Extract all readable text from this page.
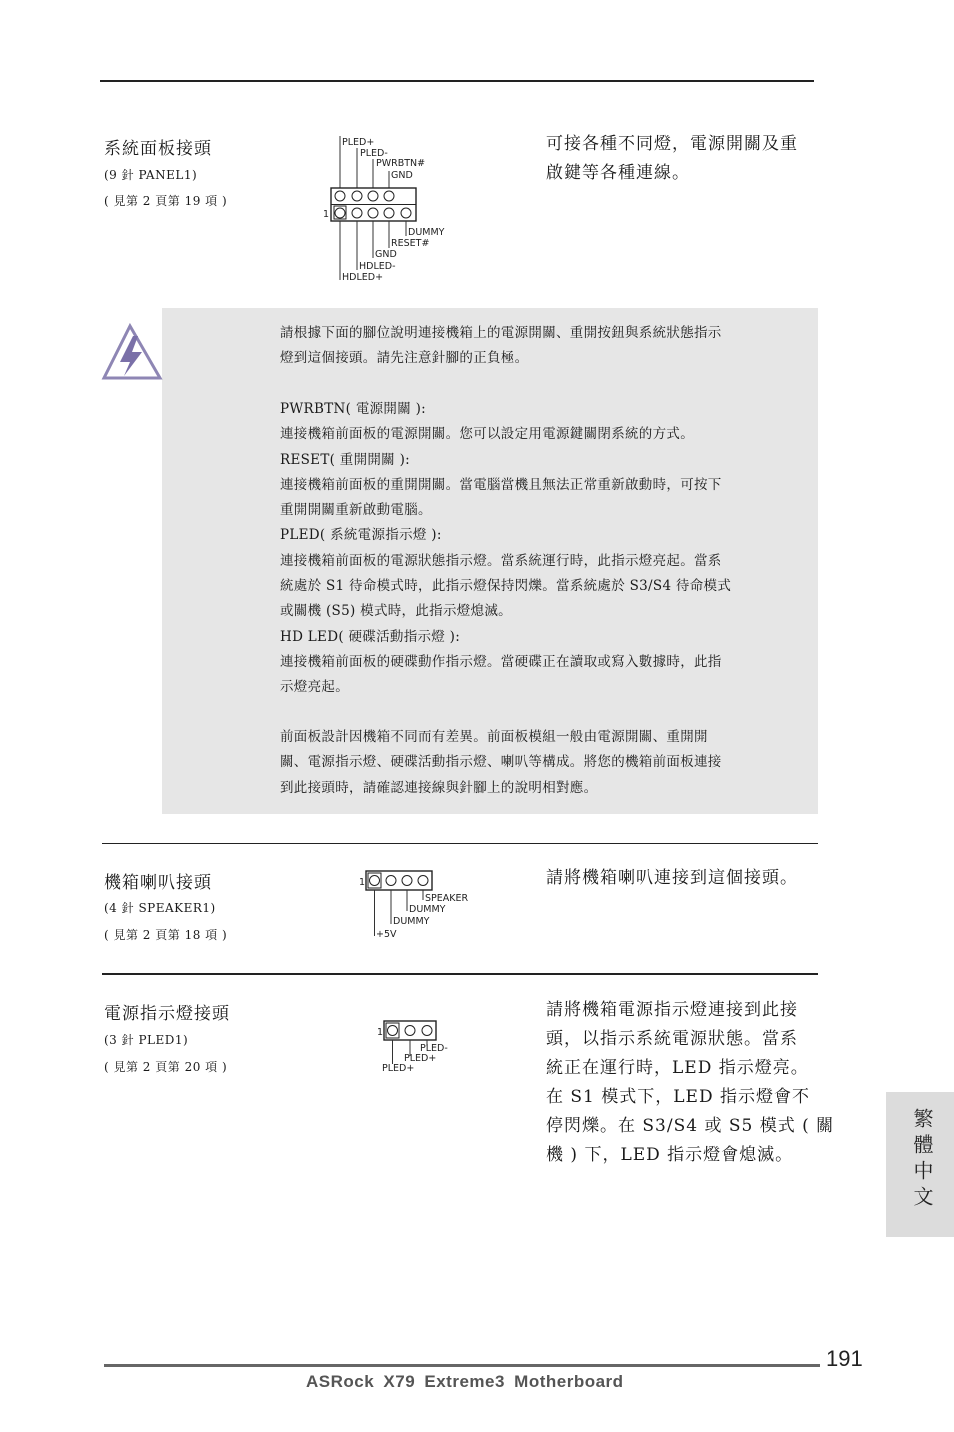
系統面板接頭
(9 針 PANEL1)
( 見第 2 頁第 19 項 )
可接各種不同燈，電源開關及重
啟鍵等各種連線。
PLED+
PLED-
PWRBTN#
GND
1
DUMMY
RESET#
GND
HDLED-
HDLED+
請根據下面的腳位說明連接機箱上的電源開關、重開按鈕與系統狀態指示
燈到這個接頭。請先注意針腳的正負極。
PWRBTN( 電源開關 ):
連接機箱前面板的電源開關。您可以設定用電源鍵關閉系統的方式。
RESET( 重開開關 ):
連接機箱前面板的重開開關。當電腦當機且無法正常重新啟動時，可按下
重開開關重新啟動電腦。
PLED( 系統電源指示燈 ):
連接機箱前面板的電源狀態指示燈。當系統運行時，此指示燈亮起。當系
統處於 S1 待命模式時，此指示燈保持閃爍。當系統處於 S3/S4 待命模式
或關機 (S5) 模式時，此指示燈熄滅。
HD LED( 硬碟活動指示燈 ):
連接機箱前面板的硬碟動作指示燈。當硬碟正在讀取或寫入數據時，此指
示燈亮起。
前面板設計因機箱不同而有差異。前面板模組一般由電源開關、重開開
關、電源指示燈、硬碟活動指示燈、喇叭等構成。將您的機箱前面板連接
到此接頭時，請確認連接線與針腳上的說明相對應。
機箱喇叭接頭
(4 針 SPEAKER1)
( 見第 2 頁第 18 項 )
請將機箱喇叭連接到這個接頭。
1
SPEAKER
DUMMY
DUMMY
+5V
電源指示燈接頭
(3 針 PLED1)
( 見第 2 頁第 20 項 )
請將機箱電源指示燈連接到此接
頭，以指示系統電源狀態。當系
統正在運行時，LED 指示燈亮。
在 S1 模式下，LED 指示燈會不
停閃爍。在 S3/S4 或 S5 模式 ( 關
機 ) 下，LED 指示燈會熄滅。
1
PLED-
PLED+
PLED+
繁體中文
191
ASRock X79 Extreme3 Motherboard
